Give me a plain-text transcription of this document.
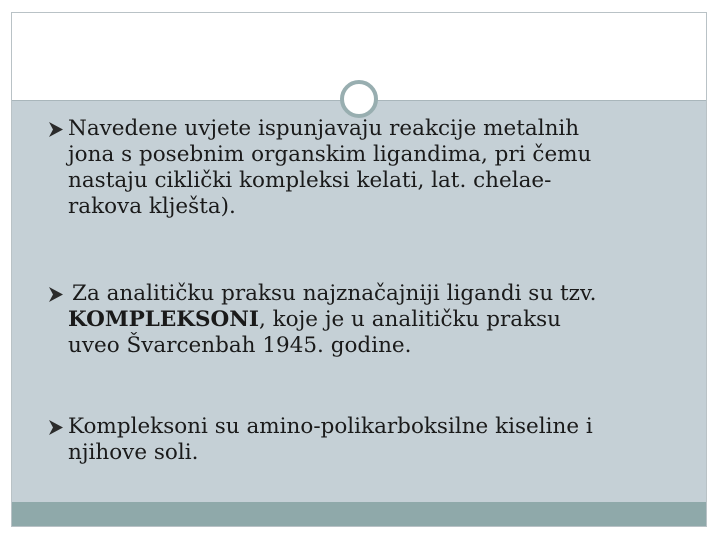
Navedene uvjete ispunjavaju reakcije metalnih
jona s posebnim organskim ligandima, pri čemu
nastaju ciklički kompleksi kelati, lat. chelae-
rakova klješta).
Za analitičku praksu najznačajniji ligandi su tzv.
KOMPLEKSONI, koje je u analitičku praksu
uveo Švarcenbah 1945. godine.
Kompleksoni su amino-polikarboksilne kiseline i
njihove soli.
